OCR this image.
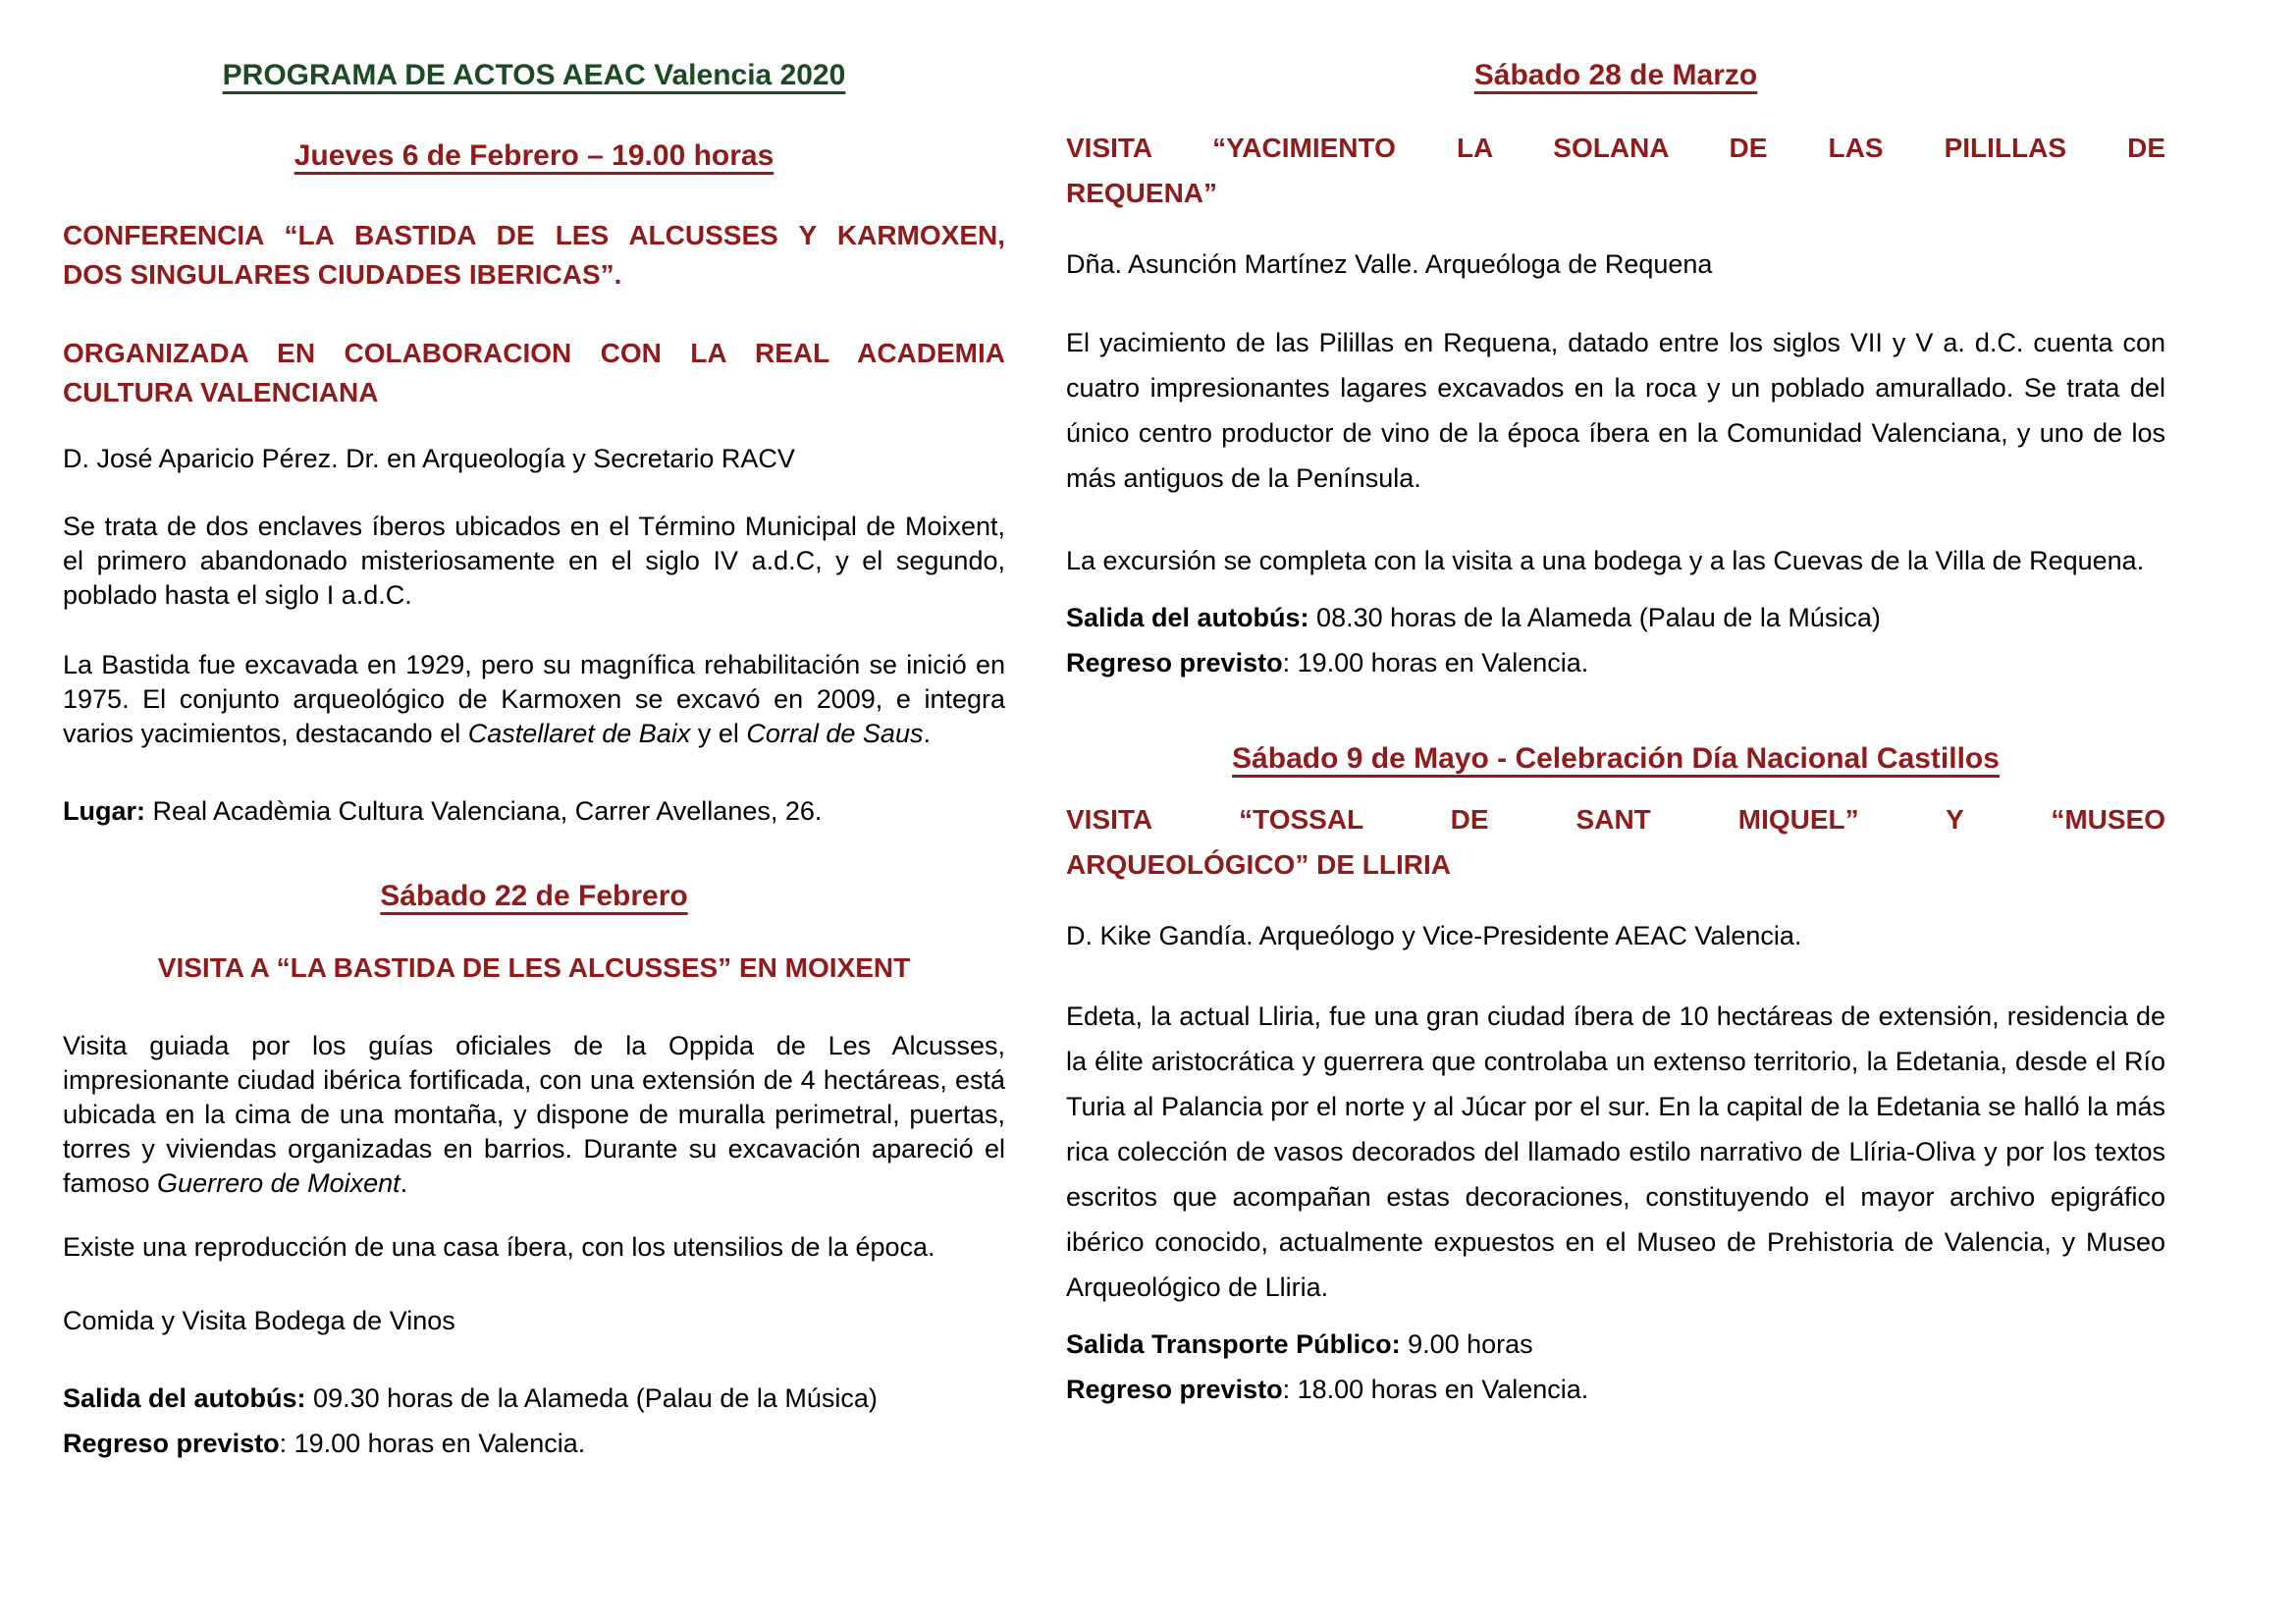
PROGRAMA DE ACTOS AEAC Valencia 2020
Jueves 6 de Febrero – 19.00 horas
CONFERENCIA “LA BASTIDA DE LES ALCUSSES Y KARMOXEN,
DOS SINGULARES CIUDADES IBERICAS”.
ORGANIZADA EN COLABORACION CON LA REAL ACADEMIA
CULTURA VALENCIANA

D. José Aparicio Pérez. Dr. en Arqueología y Secretario RACV

Se trata de dos enclaves íberos ubicados en el Término Municipal de Moixent, el primero abandonado misteriosamente en el siglo IV a.d.C, y el segundo, poblado hasta el siglo I a.d.C.

La Bastida fue excavada en 1929, pero su magnífica rehabilitación se inició en 1975. El conjunto arqueológico de Karmoxen se excavó en 2009, e integra varios yacimientos, destacando el Castellaret de Baix y el Corral de Saus.

Lugar: Real Acadèmia Cultura Valenciana, Carrer Avellanes, 26.

Sábado 22 de Febrero
VISITA A “LA BASTIDA DE LES ALCUSSES” EN MOIXENT

Visita guiada por los guías oficiales de la Oppida de Les Alcusses, impresionante ciudad ibérica fortificada, con una extensión de 4 hectáreas, está ubicada en la cima de una montaña, y dispone de muralla perimetral, puertas, torres y viviendas organizadas en barrios. Durante su excavación apareció el famoso Guerrero de Moixent.

Existe una reproducción de una casa íbera, con los utensilios de la época.

Comida y Visita Bodega de Vinos

Salida del autobús: 09.30 horas de la Alameda (Palau de la Música)

Regreso previsto: 19.00 horas en Valencia.

Sábado 28 de Marzo
VISITA “YACIMIENTO LA SOLANA DE LAS PILILLAS DE
REQUENA”

Dña. Asunción Martínez Valle. Arqueóloga de Requena

El yacimiento de las Pilillas en Requena, datado entre los siglos VII y V a. d.C. cuenta con cuatro impresionantes lagares excavados en la roca y un poblado amurallado. Se trata del único centro productor de vino de la época íbera en la Comunidad Valenciana, y uno de los más antiguos de la Península.

La excursión se completa con la visita a una bodega y a las Cuevas de la Villa de Requena.

Salida del autobús: 08.30 horas de la Alameda (Palau de la Música)

Regreso previsto: 19.00 horas en Valencia.

Sábado 9 de Mayo - Celebración Día Nacional Castillos
VISITA “TOSSAL DE SANT MIQUEL” Y “MUSEO
ARQUEOLÓGICO” DE LLIRIA

D. Kike Gandía. Arqueólogo y Vice-Presidente AEAC Valencia.

Edeta, la actual Lliria, fue una gran ciudad íbera de 10 hectáreas de extensión, residencia de la élite aristocrática y guerrera que controlaba un extenso territorio, la Edetania, desde el Río Turia al Palancia por el norte y al Júcar por el sur. En la capital de la Edetania se halló la más rica colección de vasos decorados del llamado estilo narrativo de Llíria-Oliva y por los textos escritos que acompañan estas decoraciones, constituyendo el mayor archivo epigráfico ibérico conocido, actualmente expuestos en el Museo de Prehistoria de Valencia, y Museo Arqueológico de Lliria.

Salida Transporte Público: 9.00 horas

Regreso previsto: 18.00 horas en Valencia.
